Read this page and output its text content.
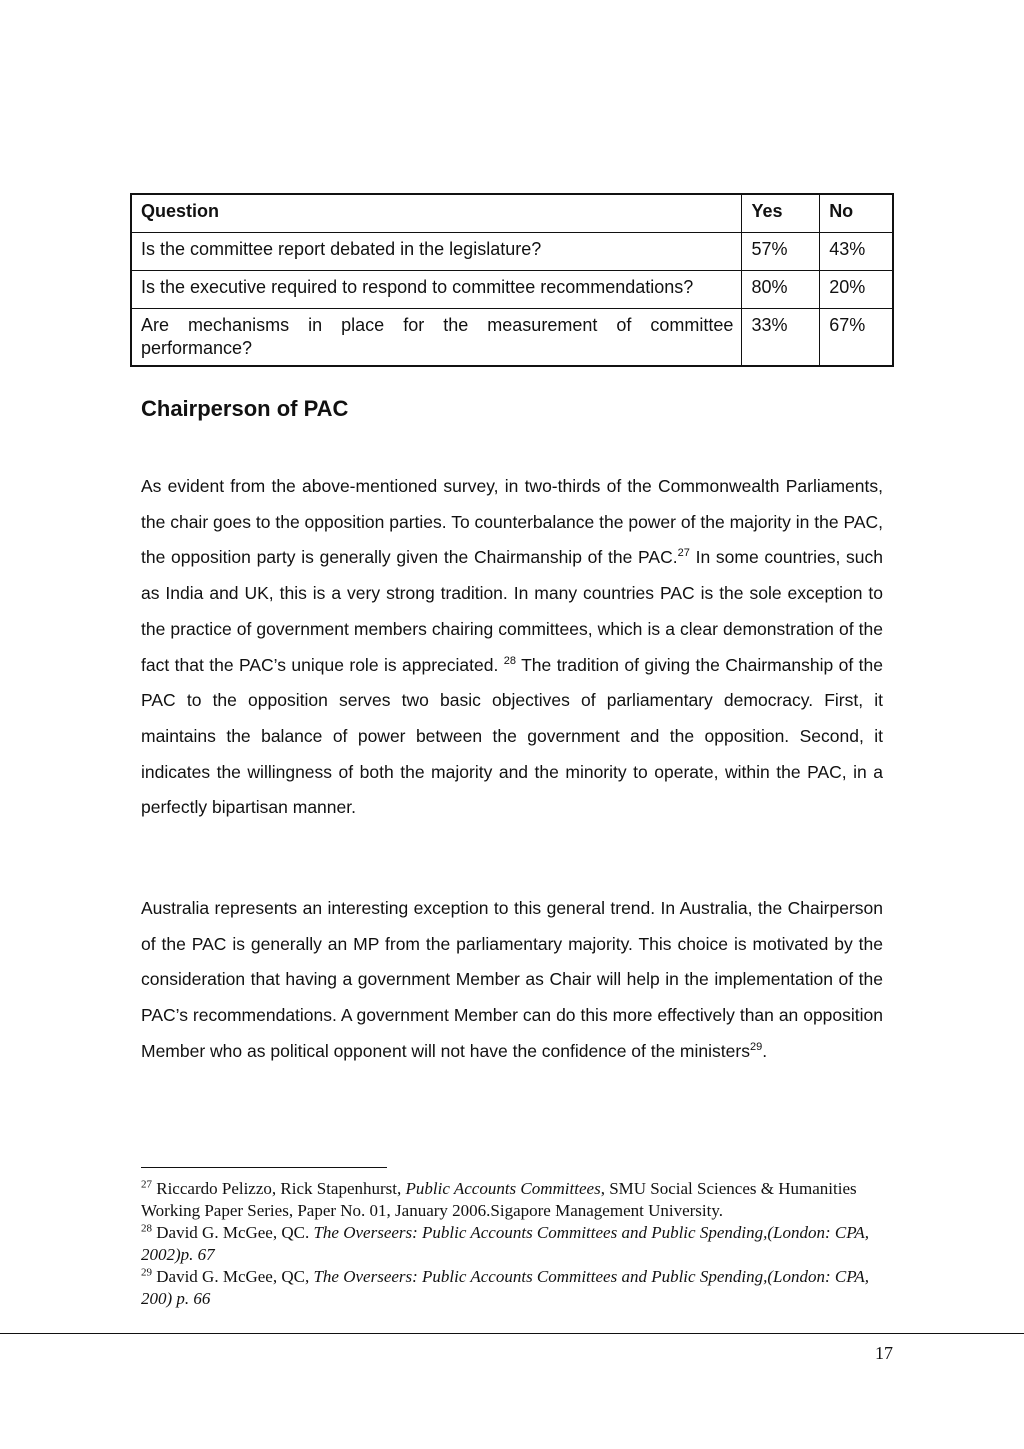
Question	Yes	No
Is the committee report debated in the legislature?	57%	43%
Is the executive required to respond to committee recommendations?	80%	20%
Are mechanisms in place for the measurement of committee performance?	33%	67%
Chairperson of PAC

As evident from the above-mentioned survey, in two-thirds of the Commonwealth Parliaments, the chair goes to the opposition parties. To counterbalance the power of the majority in the PAC, the opposition party is generally given the Chairmanship of the PAC.$^{27}$ In some countries, such as India and UK, this is a very strong tradition. In many countries PAC is the sole exception to the practice of government members chairing committees, which is a clear demonstration of the fact that the PAC’s unique role is appreciated. $^{28}$ The tradition of giving the Chairmanship of the PAC to the opposition serves two basic objectives of parliamentary democracy. First, it maintains the balance of power between the government and the opposition. Second, it indicates the willingness of both the majority and the minority to operate, within the PAC, in a perfectly bipartisan manner.

Australia represents an interesting exception to this general trend. In Australia, the Chairperson of the PAC is generally an MP from the parliamentary majority. This choice is motivated by the consideration that having a government Member as Chair will help in the implementation of the PAC’s recommendations. A government Member can do this more effectively than an opposition Member who as political opponent will not have the confidence of the ministers$^{29}$.

$^{27}$ Riccardo Pelizzo, Rick Stapenhurst, Public Accounts Committees, SMU Social Sciences & Humanities Working Paper Series, Paper No. 01, January 2006.Sigapore Management University.

$^{28}$ David G. McGee, QC. The Overseers: Public Accounts Committees and Public Spending,(London: CPA, 2002)p. 67

$^{29}$ David G. McGee, QC, The Overseers: Public Accounts Committees and Public Spending,(London: CPA, 200) p. 66

17
